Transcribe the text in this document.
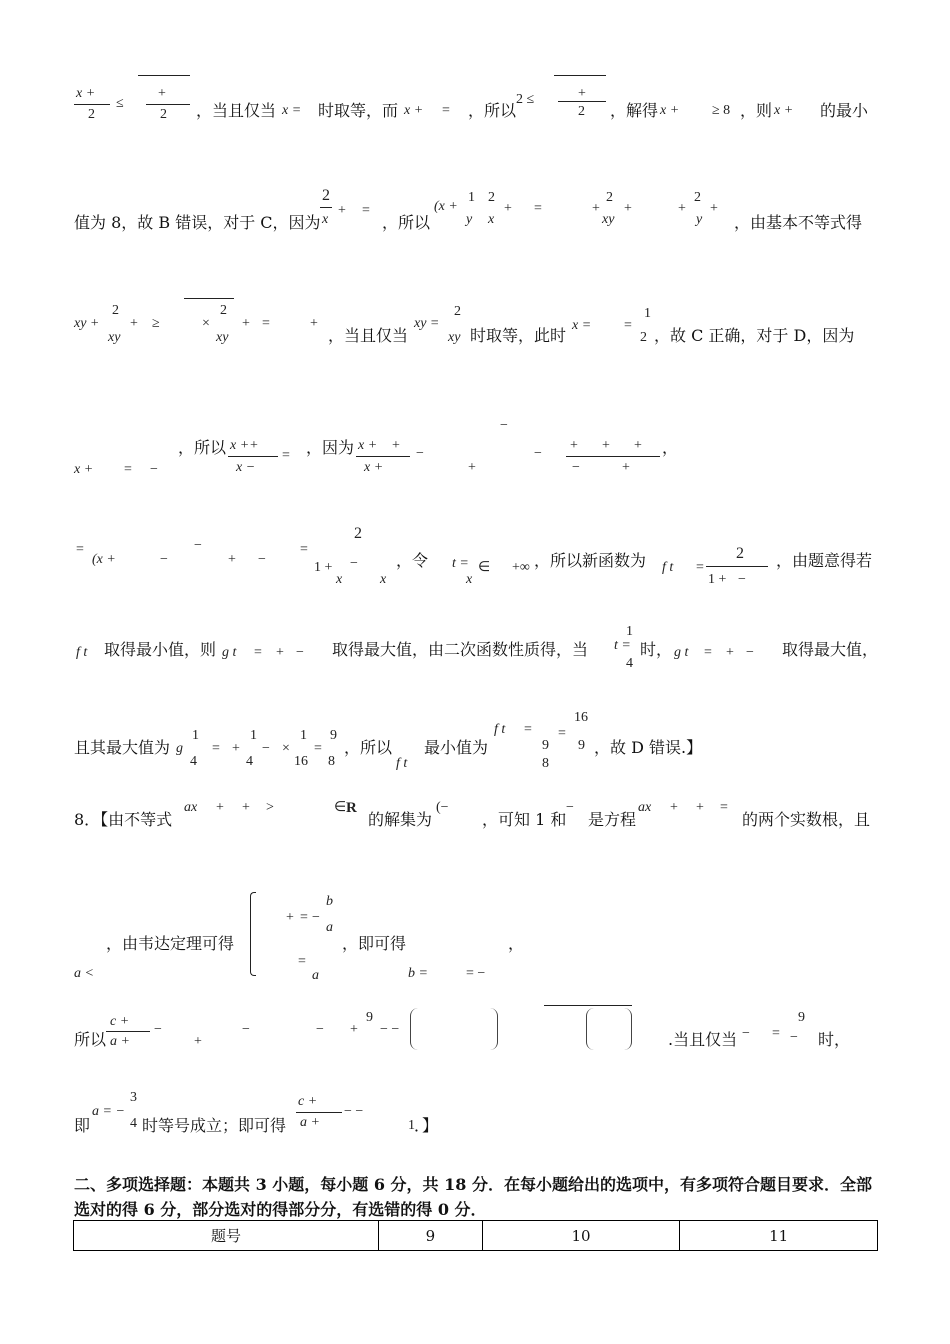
x +
2
≤
+
2 ，当且仅当 x = 时取等，而 x + = ，所以
2 ≤	+
2 ，解得 x + ≥ 8 ，则 x + 的最小
值为 8，故 B 错误，对于 C，因为
2
x
+ =
，所以
(x +
1
y
2
x
+ =	+
2
xy
+	+
2
y
+
，由基本不等式得
xy +
2
xy
+ ≥	×
2
xy
+ =	+
，当且仅当
xy =
2
xy 时取等，此时
x = =
1
2 ，故 C 正确，对于 D，因为
x + = −
，所以 x + +
x −
= ，因为 x + +
x +
−
+
−
−
+ + +
−	+
，
=
(x +	−
−
+ −
=
2
1 +
x
−
x
，令 t =
x
∈ +∞ ，所以新函数为 f t =
2
1 + −
，由题意得若
f t 取得最小值，则 g t = + − 取得最大值，由二次函数性质得，当 t =
1
4
时， g t = + − 取得最大值，
且其最大值为 g
1
4
= +
1
4
− ×
1
16
=
9
8
，所以
f t
最小值为
f t =
9
8
=
16
9 ，故 D 错误.】
8．【由不等式
ax + + >	∈ R
的解集为
(−
，可知 1 和
−
是方程
ax + + =
的两个实数根，且
，由韦达定理可得
a <
+ = −
b
a
=
a
，即可得
b =	= −
，
所以
c +
a +
−
+
−	− +
9
− −
.当且仅当 − =
9
− 时，
即
a = −
3
4 时等号成立；即可得
c +
a +
− −
1 ．】
二、多项选择题：本题共 3 小题，每小题 6 分，共 18 分．在每小题给出的选项中，有多项符合题目要求．全部选对的得 6 分，部分选对的得部分分，有选错的得 0 分．
题号	9	10	11
